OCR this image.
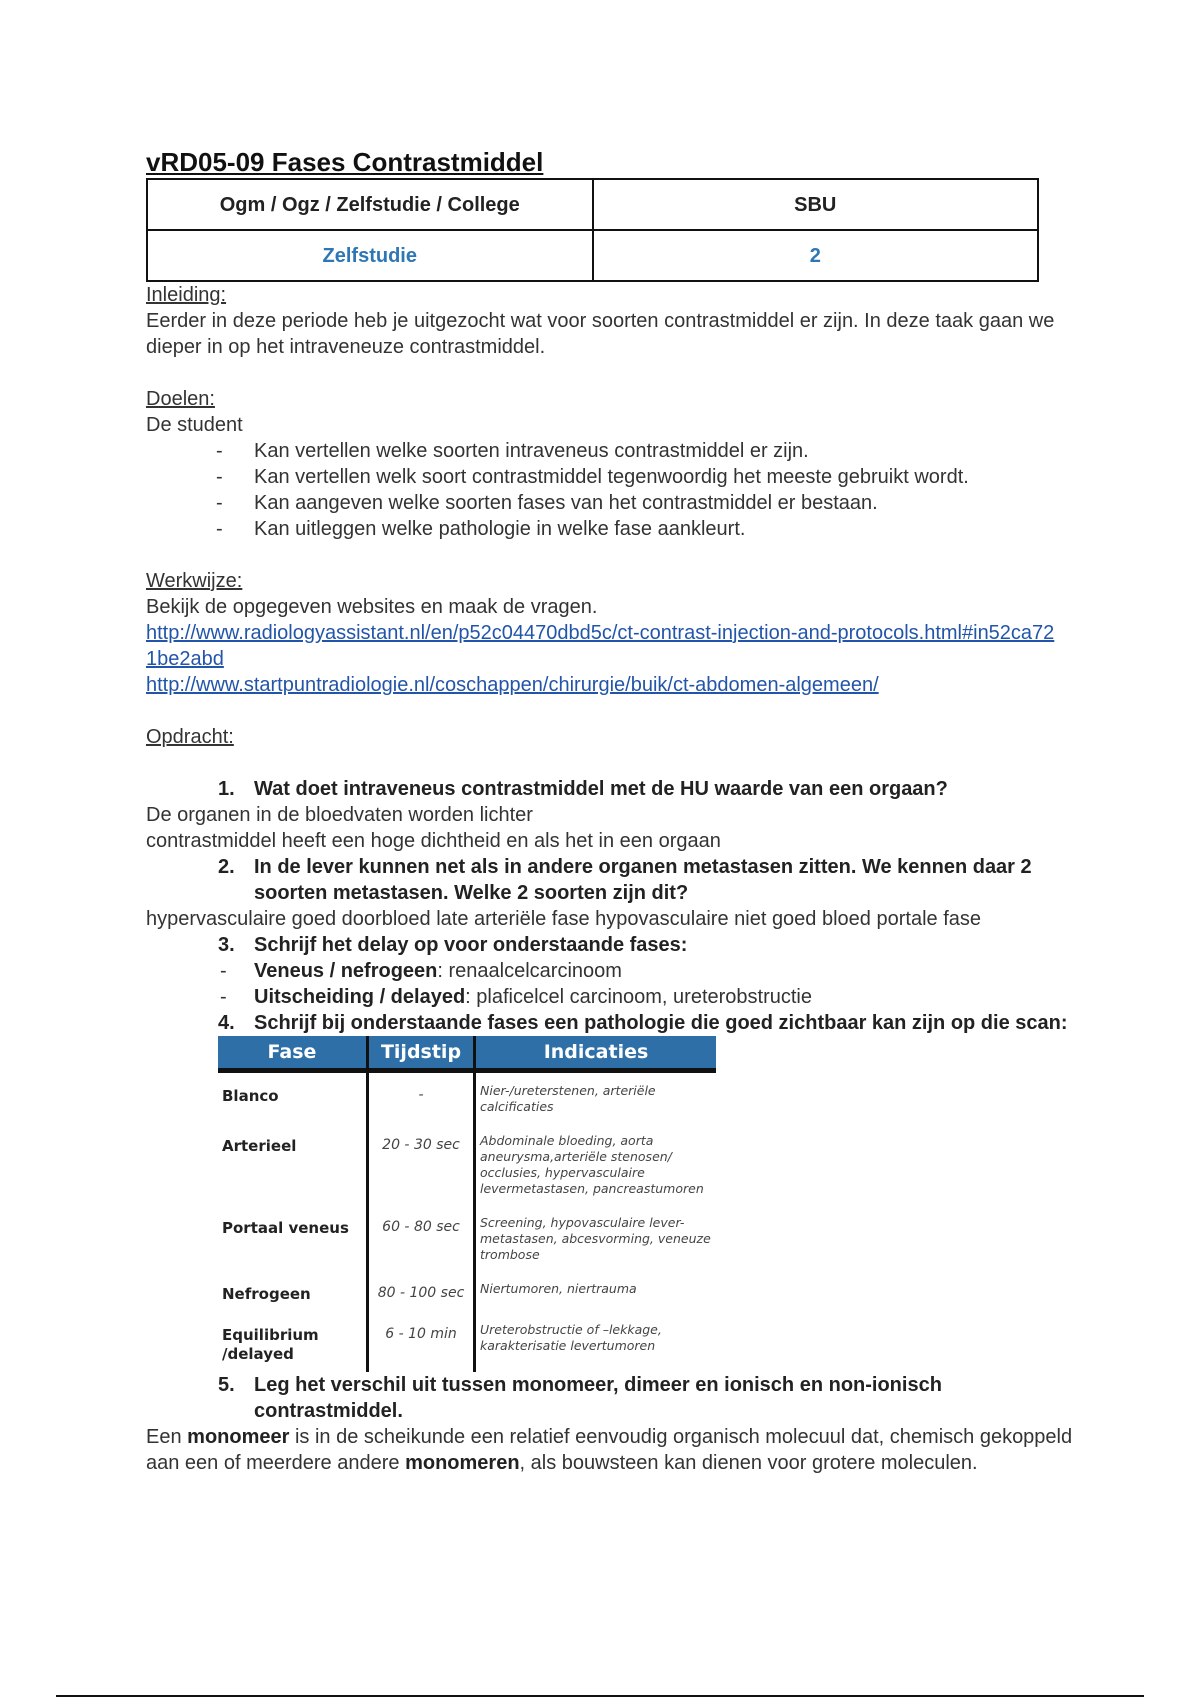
vRD05-09 Fases Contrastmiddel
Ogm / Ogz / Zelfstudie / College	SBU
Zelfstudie	2

Inleiding:

Eerder in deze periode heb je uitgezocht wat voor soorten contrastmiddel er zijn. In deze taak gaan we dieper in op het intraveneuze contrastmiddel.

Doelen:

De student

- Kan vertellen welke soorten intraveneus contrastmiddel er zijn.
- Kan vertellen welk soort contrastmiddel tegenwoordig het meeste gebruikt wordt.
- Kan aangeven welke soorten fases van het contrastmiddel er bestaan.
- Kan uitleggen welke pathologie in welke fase aankleurt.

Werkwijze:

Bekijk de opgegeven websites en maak de vragen.

http://www.radiologyassistant.nl/en/p52c04470dbd5c/ct-contrast-injection-and-protocols.html#in52ca721be2abd

http://www.startpuntradiologie.nl/coschappen/chirurgie/buik/ct-abdomen-algemeen/

Opdracht:

1. Wat doet intraveneus contrastmiddel met de HU waarde van een orgaan?

De organen in de bloedvaten worden lichter

contrastmiddel heeft een hoge dichtheid en als het in een orgaan

2. In de lever kunnen net als in andere organen metastasen zitten. We kennen daar 2 soorten metastasen. Welke 2 soorten zijn dit?

hypervasculaire goed doorbloed late arteriële fase hypovasculaire niet goed bloed portale fase

3. Schrijf het delay op voor onderstaande fases:
-	Veneus / nefrogeen: renaalcelcarcinoom
-	Uitscheiding / delayed: plaficelcel carcinoom, ureterobstructie
4. Schrijf bij onderstaande fases een pathologie die goed zichtbaar kan zijn op die scan:
Fase	Tijdstip	Indicaties
Blanco	-	Nier-/ureterstenen, arteriële calcificaties
Arterieel	20 - 30 sec	Abdominale bloeding, aorta aneurysma,arteriële stenosen/ occlusies, hypervasculaire levermetastasen, pancreastumoren
Portaal veneus	60 - 80 sec	Screening, hypovasculaire lever-metastasen, abcesvorming, veneuze trombose
Nefrogeen	80 - 100 sec	Niertumoren, niertrauma
Equilibrium /delayed	6 - 10 min	Ureterobstructie of –lekkage, karakterisatie levertumoren
5. Leg het verschil uit tussen monomeer, dimeer en ionisch en non-ionisch contrastmiddel.

Een monomeer is in de scheikunde een relatief eenvoudig organisch molecuul dat, chemisch gekoppeld aan een of meerdere andere monomeren, als bouwsteen kan dienen voor grotere moleculen.
